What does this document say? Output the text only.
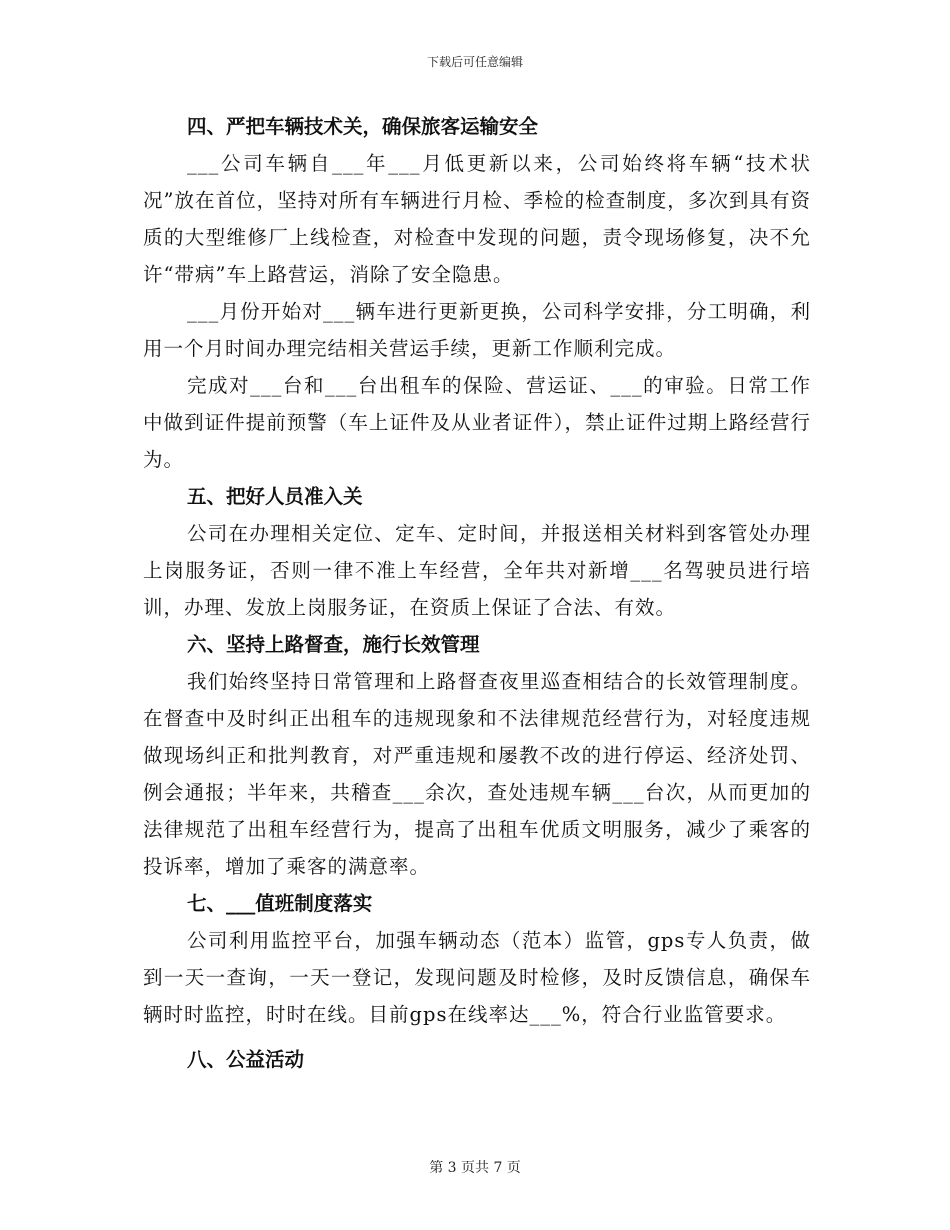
下载后可任意编辑
四、严把车辆技术关，确保旅客运输安全

___公司车辆自___年___月低更新以来，公司始终将车辆“技术状况”放在首位，坚持对所有车辆进行月检、季检的检查制度，多次到具有资质的大型维修厂上线检查，对检查中发现的问题，责令现场修复，决不允许“带病”车上路营运，消除了安全隐患。

___月份开始对___辆车进行更新更换，公司科学安排，分工明确，利用一个月时间办理完结相关营运手续，更新工作顺利完成。

完成对___台和___台出租车的保险、营运证、___的审验。日常工作中做到证件提前预警（车上证件及从业者证件），禁止证件过期上路经营行为。

五、把好人员准入关

公司在办理相关定位、定车、定时间，并报送相关材料到客管处办理上岗服务证，否则一律不准上车经营，全年共对新增___名驾驶员进行培训，办理、发放上岗服务证，在资质上保证了合法、有效。

六、坚持上路督查，施行长效管理

我们始终坚持日常管理和上路督查夜里巡查相结合的长效管理制度。在督查中及时纠正出租车的违规现象和不法律规范经营行为，对轻度违规做现场纠正和批判教育，对严重违规和屡教不改的进行停运、经济处罚、例会通报；半年来，共稽查___余次，查处违规车辆___台次，从而更加的法律规范了出租车经营行为，提高了出租车优质文明服务，减少了乘客的投诉率，增加了乘客的满意率。

七、___值班制度落实

公司利用监控平台，加强车辆动态（范本）监管，gps专人负责，做到一天一查询，一天一登记，发现问题及时检修，及时反馈信息，确保车辆时时监控，时时在线。目前gps在线率达___%，符合行业监管要求。

八、公益活动
第 3 页共 7 页
